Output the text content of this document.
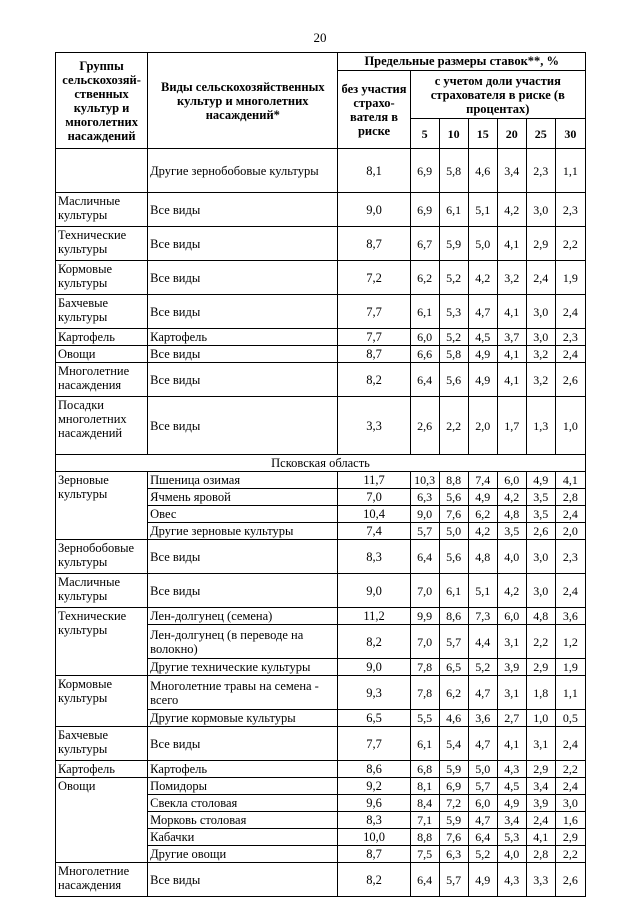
20
Группы сельскохозяй-ственных культур и многолетних насаждений	Виды сельскохозяйственных культур и многолетних насаждений*	Предельные размеры ставок**, %						
		без участия страхо-вателя в риске	с учетом доли участия страхователя в риске (в процентах)					
			5	10	15	20	25	30
	Другие зернобобовые культуры	8,1	6,9	5,8	4,6	3,4	2,3	1,1
Масличные культуры	Все виды	9,0	6,9	6,1	5,1	4,2	3,0	2,3
Технические культуры	Все виды	8,7	6,7	5,9	5,0	4,1	2,9	2,2
Кормовые культуры	Все виды	7,2	6,2	5,2	4,2	3,2	2,4	1,9
Бахчевые культуры	Все виды	7,7	6,1	5,3	4,7	4,1	3,0	2,4
Картофель	Картофель	7,7	6,0	5,2	4,5	3,7	3,0	2,3
Овощи	Все виды	8,7	6,6	5,8	4,9	4,1	3,2	2,4
Многолетние насаждения	Все виды	8,2	6,4	5,6	4,9	4,1	3,2	2,6
Посадки многолетних насаждений	Все виды	3,3	2,6	2,2	2,0	1,7	1,3	1,0
Псковская область								
Зерновые культуры	Пшеница озимая	11,7	10,3	8,8	7,4	6,0	4,9	4,1
	Ячмень яровой	7,0	6,3	5,6	4,9	4,2	3,5	2,8
	Овес	10,4	9,0	7,6	6,2	4,8	3,5	2,4
	Другие зерновые культуры	7,4	5,7	5,0	4,2	3,5	2,6	2,0
Зернобобовые культуры	Все виды	8,3	6,4	5,6	4,8	4,0	3,0	2,3
Масличные культуры	Все виды	9,0	7,0	6,1	5,1	4,2	3,0	2,4
Технические культуры	Лен-долгунец (семена)	11,2	9,9	8,6	7,3	6,0	4,8	3,6
	Лен-долгунец (в переводе на волокно)	8,2	7,0	5,7	4,4	3,1	2,2	1,2
	Другие технические культуры	9,0	7,8	6,5	5,2	3,9	2,9	1,9
Кормовые культуры	Многолетние травы на семена - всего	9,3	7,8	6,2	4,7	3,1	1,8	1,1
	Другие кормовые культуры	6,5	5,5	4,6	3,6	2,7	1,0	0,5
Бахчевые культуры	Все виды	7,7	6,1	5,4	4,7	4,1	3,1	2,4
Картофель	Картофель	8,6	6,8	5,9	5,0	4,3	2,9	2,2
Овощи	Помидоры	9,2	8,1	6,9	5,7	4,5	3,4	2,4
	Свекла столовая	9,6	8,4	7,2	6,0	4,9	3,9	3,0
	Морковь столовая	8,3	7,1	5,9	4,7	3,4	2,4	1,6
	Кабачки	10,0	8,8	7,6	6,4	5,3	4,1	2,9
	Другие овощи	8,7	7,5	6,3	5,2	4,0	2,8	2,2
Многолетние насаждения	Все виды	8,2	6,4	5,7	4,9	4,3	3,3	2,6
